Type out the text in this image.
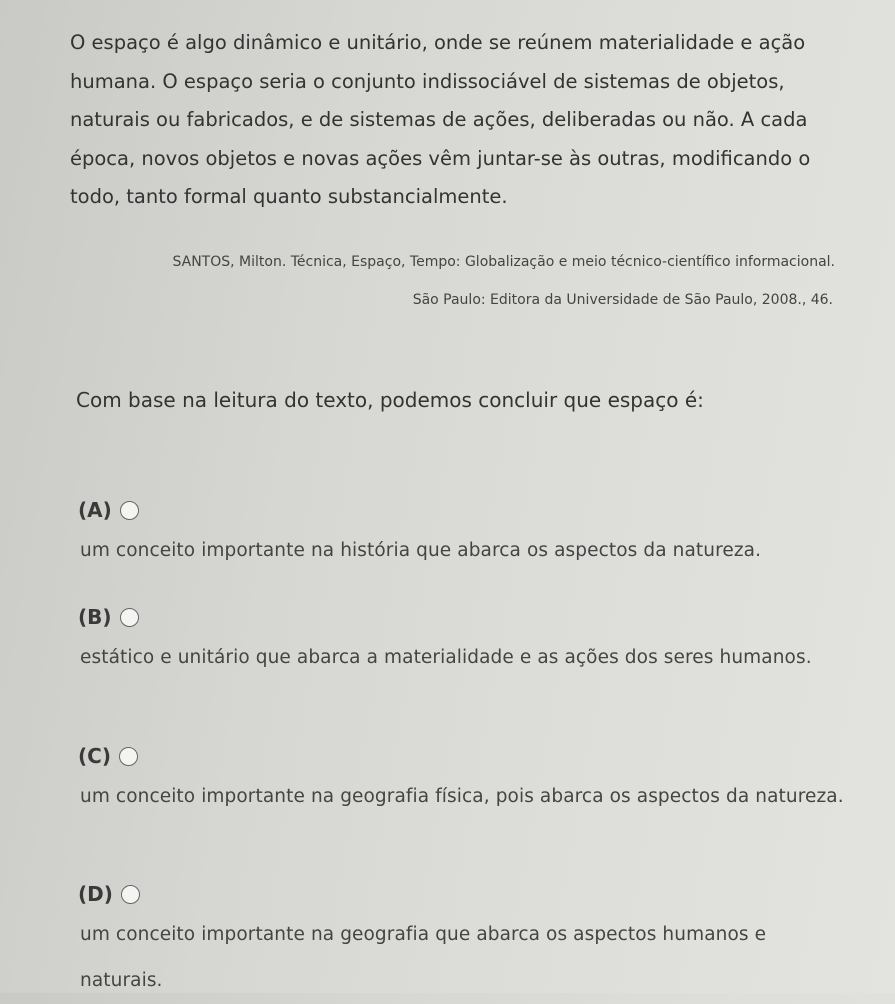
O espaço é algo dinâmico e unitário, onde se reúnem materialidade e ação humana. O espaço seria o conjunto indissociável de sistemas de objetos, naturais ou fabricados, e de sistemas de ações, deliberadas ou não. A cada época, novos objetos e novas ações vêm juntar-se às outras, modificando o todo, tanto formal quanto substancialmente.

SANTOS, Milton. Técnica, Espaço, Tempo: Globalização e meio técnico-científico informacional.

São Paulo: Editora da Universidade de São Paulo, 2008., 46.

Com base na leitura do texto, podemos concluir que espaço é:

(A)

um conceito importante na história que abarca os aspectos da natureza.

(B)

estático e unitário que abarca a materialidade e as ações dos seres humanos.

(C)

um conceito importante na geografia física, pois abarca os aspectos da natureza.

(D)

um conceito importante na geografia que abarca os aspectos humanos e naturais.
